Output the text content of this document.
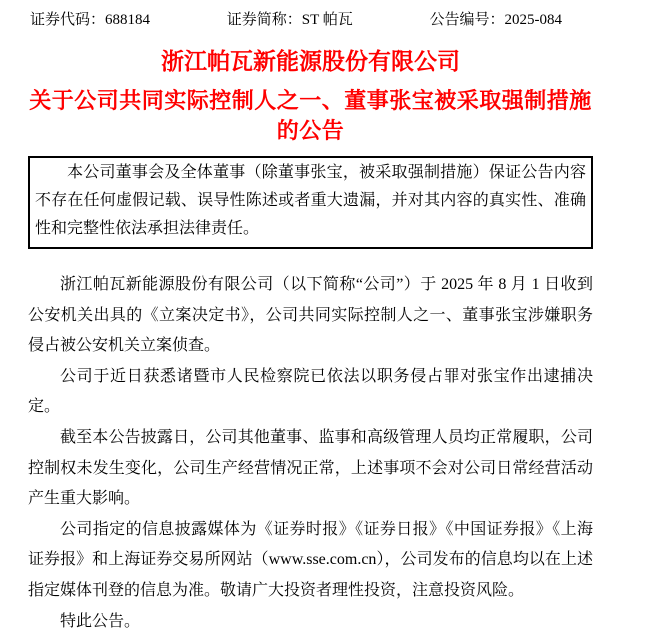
证券代码：688184	证券简称：ST 帕瓦	公告编号：2025-084
浙江帕瓦新能源股份有限公司
关于公司共同实际控制人之一、董事张宝被采取强制措施的公告

本公司董事会及全体董事（除董事张宝，被采取强制措施）保证公告内容不存在任何虚假记载、误导性陈述或者重大遗漏，并对其内容的真实性、准确性和完整性依法承担法律责任。

浙江帕瓦新能源股份有限公司（以下简称“公司”）于 2025 年 8 月 1 日收到公安机关出具的《立案决定书》，公司共同实际控制人之一、董事张宝涉嫌职务侵占被公安机关立案侦查。

公司于近日获悉诸暨市人民检察院已依法以职务侵占罪对张宝作出逮捕决定。

截至本公告披露日，公司其他董事、监事和高级管理人员均正常履职，公司控制权未发生变化，公司生产经营情况正常，上述事项不会对公司日常经营活动产生重大影响。

公司指定的信息披露媒体为《证券时报》《证券日报》《中国证券报》《上海证券报》和上海证券交易所网站（www.sse.com.cn），公司发布的信息均以在上述指定媒体刊登的信息为准。敬请广大投资者理性投资，注意投资风险。

特此公告。
